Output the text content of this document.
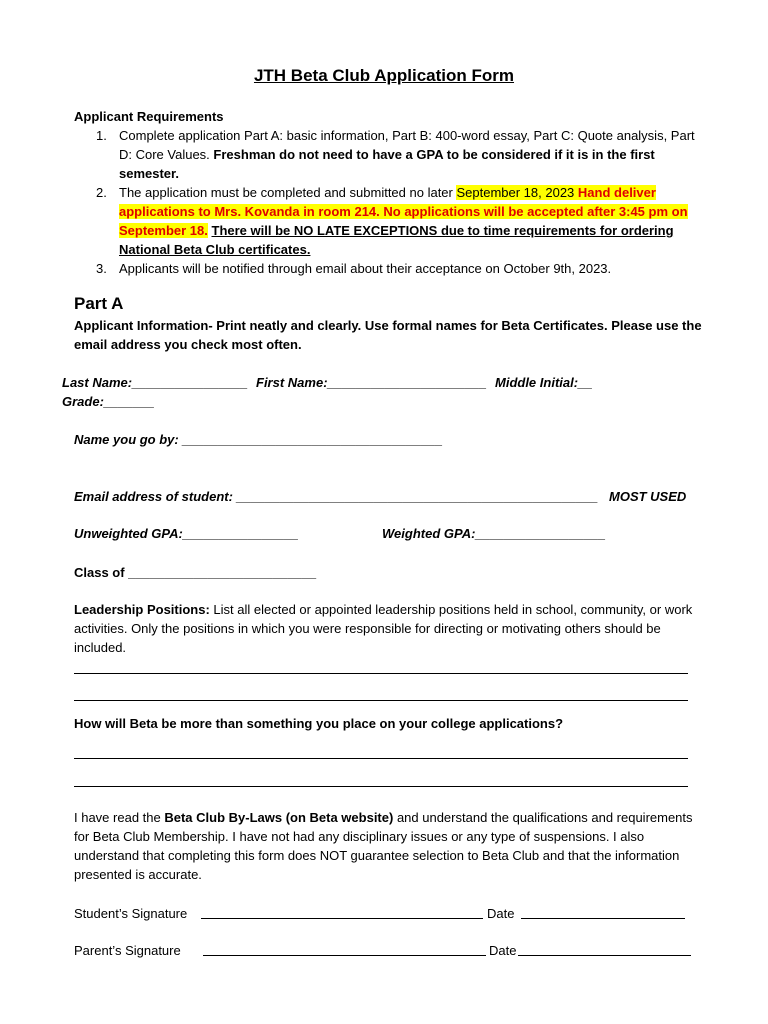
JTH Beta Club Application Form
Applicant Requirements
1. Complete application Part A: basic information, Part B: 400-word essay, Part C: Quote analysis, Part D: Core Values. Freshman do not need to have a GPA to be considered if it is in the first semester.
2. The application must be completed and submitted no later September 18, 2023 Hand deliver applications to Mrs. Kovanda in room 214. No applications will be accepted after 3:45 pm on September 18. There will be NO LATE EXCEPTIONS due to time requirements for ordering National Beta Club certificates.
3. Applicants will be notified through email about their acceptance on October 9th, 2023.
Part A
Applicant Information- Print neatly and clearly. Use formal names for Beta Certificates. Please use the email address you check most often.
Last Name:________________ First Name:______________________ Middle Initial:__
Grade:_______
Name you go by: ____________________________________
Email address of student: __________________________________________________ MOST USED
Unweighted GPA:________________	Weighted GPA:__________________
Class of __________________________
Leadership Positions: List all elected or appointed leadership positions held in school, community, or work activities. Only the positions in which you were responsible for directing or motivating others should be included.
How will Beta be more than something you place on your college applications?
I have read the Beta Club By-Laws (on Beta website) and understand the qualifications and requirements for Beta Club Membership. I have not had any disciplinary issues or any type of suspensions. I also understand that completing this form does NOT guarantee selection to Beta Club and that the information presented is accurate.
Student’s Signature	Date
Parent’s Signature	Date
